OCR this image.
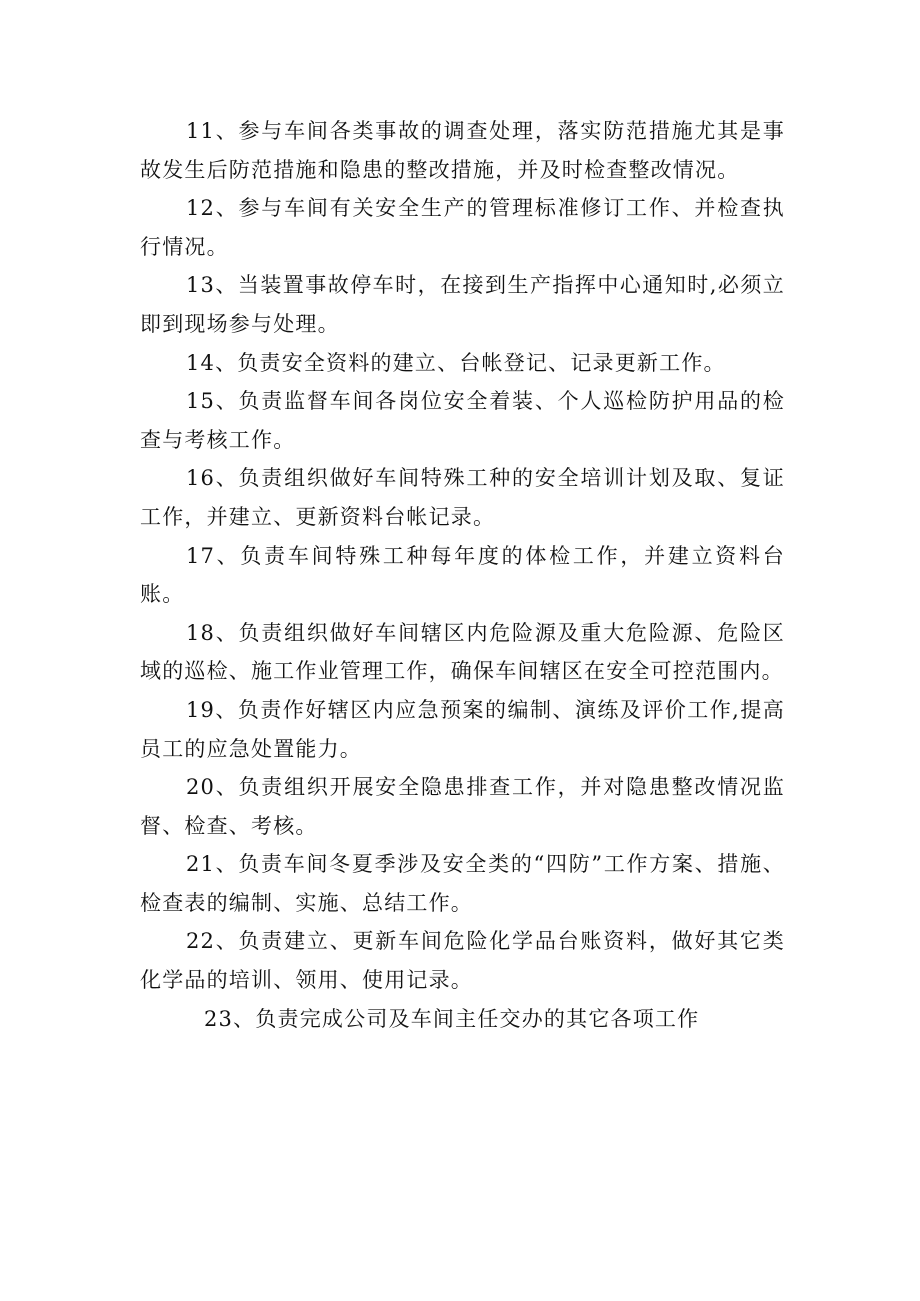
11、参与车间各类事故的调查处理，落实防范措施尤其是事故发生后防范措施和隐患的整改措施，并及时检查整改情况。

12、参与车间有关安全生产的管理标准修订工作、并检查执行情况。

13、当装置事故停车时，在接到生产指挥中心通知时,必须立即到现场参与处理。

14、负责安全资料的建立、台帐登记、记录更新工作。

15、负责监督车间各岗位安全着装、个人巡检防护用品的检查与考核工作。

16、负责组织做好车间特殊工种的安全培训计划及取、复证工作，并建立、更新资料台帐记录。

17、负责车间特殊工种每年度的体检工作，并建立资料台账。

18、负责组织做好车间辖区内危险源及重大危险源、危险区域的巡检、施工作业管理工作，确保车间辖区在安全可控范围内。

19、负责作好辖区内应急预案的编制、演练及评价工作,提高员工的应急处置能力。

20、负责组织开展安全隐患排查工作，并对隐患整改情况监督、检查、考核。

21、负责车间冬夏季涉及安全类的“四防”工作方案、措施、检查表的编制、实施、总结工作。

22、负责建立、更新车间危险化学品台账资料，做好其它类化学品的培训、领用、使用记录。

23、负责完成公司及车间主任交办的其它各项工作
